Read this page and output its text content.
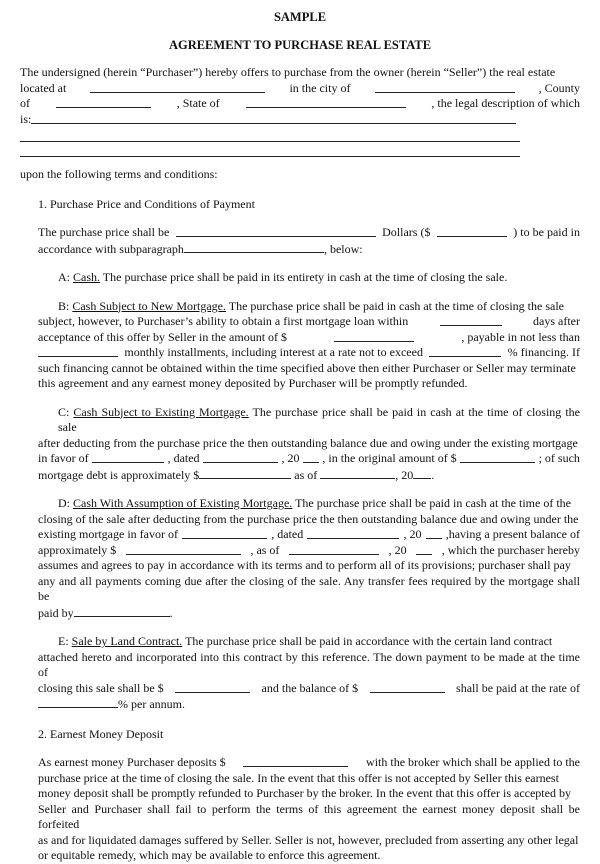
SAMPLE
AGREEMENT TO PURCHASE REAL ESTATE

The undersigned (herein “Purchaser”) hereby offers to purchase from the owner (herein “Seller”) the real estate

located at	in the city of	, County
of	, State of	, the legal description of which
is:

upon the following terms and conditions:

1. Purchase Price and Conditions of Payment

The purchase price shall be	Dollars ($	) to be paid in
accordance with subparagraph	, below:

A: Cash. The purchase price shall be paid in its entirety in cash at the time of closing the sale.

B: Cash Subject to New Mortgage. The purchase price shall be paid in cash at the time of closing the sale

subject, however, to Purchaser’s ability to obtain a first mortgage loan within	days after
acceptance of this offer by Seller in the amount of $	, payable in not less than
monthly installments, including interest at a rate not to exceed	% financing. If

such financing cannot be obtained within the time specified above then either Purchaser or Seller may terminate

this agreement and any earnest money deposited by Purchaser will be promptly refunded.

C: Cash Subject to Existing Mortgage. The purchase price shall be paid in cash at the time of closing the sale

after deducting from the purchase price the then outstanding balance due and owing under the existing mortgage

in favor of	, dated	, 20 , in the original amount of $	; of such
mortgage debt is approximately $	as of	, 20 .

D: Cash With Assumption of Existing Mortgage. The purchase price shall be paid in cash at the time of the

closing of the sale after deducting from the purchase price the then outstanding balance due and owing under the

existing mortgage in favor of	, dated	, 20 ,having a present balance of
approximately $	, as of	, 20	, which the purchaser hereby

assumes and agrees to pay in accordance with its terms and to perform all of its provisions; purchaser shall pay

any and all payments coming due after the closing of the sale. Any transfer fees required by the mortgage shall be

paid by	.

E: Sale by Land Contract. The purchase price shall be paid in accordance with the certain land contract

attached hereto and incorporated into this contract by this reference. The down payment to be made at the time of

closing this sale shall be $	and the balance of $	shall be paid at the rate of
% per annum.

2. Earnest Money Deposit

As earnest money Purchaser deposits $	with the broker which shall be applied to the

purchase price at the time of closing the sale. In the event that this offer is not accepted by Seller this earnest

money deposit shall be promptly refunded to Purchaser by the broker. In the event that this offer is accepted by

Seller and Purchaser shall fail to perform the terms of this agreement the earnest money deposit shall be forfeited

as and for liquidated damages suffered by Seller. Seller is not, however, precluded from asserting any other legal

or equitable remedy, which may be available to enforce this agreement.
